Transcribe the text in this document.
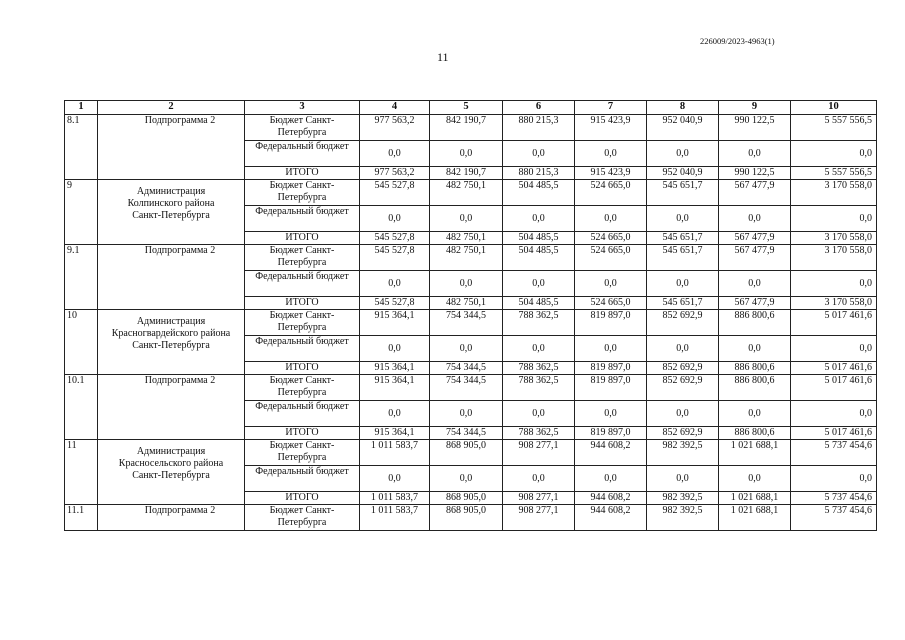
226009/2023-4963(1)
11
1	2	3	4	5	6	7	8	9	10
8.1	Подпрограмма 2	Бюджет Санкт-Петербурга	977 563,2	842 190,7	880 215,3	915 423,9	952 040,9	990 122,5	5 557 556,5
		Федеральный бюджет	0,0	0,0	0,0	0,0	0,0	0,0	0,0
		ИТОГО	977 563,2	842 190,7	880 215,3	915 423,9	952 040,9	990 122,5	5 557 556,5
9	Администрация
Колпинского района
Санкт-Петербурга	Бюджет Санкт-Петербурга	545 527,8	482 750,1	504 485,5	524 665,0	545 651,7	567 477,9	3 170 558,0
		Федеральный бюджет	0,0	0,0	0,0	0,0	0,0	0,0	0,0
		ИТОГО	545 527,8	482 750,1	504 485,5	524 665,0	545 651,7	567 477,9	3 170 558,0
9.1	Подпрограмма 2	Бюджет Санкт-Петербурга	545 527,8	482 750,1	504 485,5	524 665,0	545 651,7	567 477,9	3 170 558,0
		Федеральный бюджет	0,0	0,0	0,0	0,0	0,0	0,0	0,0
		ИТОГО	545 527,8	482 750,1	504 485,5	524 665,0	545 651,7	567 477,9	3 170 558,0
10	Администрация
Красногвардейского района
Санкт-Петербурга	Бюджет Санкт-Петербурга	915 364,1	754 344,5	788 362,5	819 897,0	852 692,9	886 800,6	5 017 461,6
		Федеральный бюджет	0,0	0,0	0,0	0,0	0,0	0,0	0,0
		ИТОГО	915 364,1	754 344,5	788 362,5	819 897,0	852 692,9	886 800,6	5 017 461,6
10.1	Подпрограмма 2	Бюджет Санкт-Петербурга	915 364,1	754 344,5	788 362,5	819 897,0	852 692,9	886 800,6	5 017 461,6
		Федеральный бюджет	0,0	0,0	0,0	0,0	0,0	0,0	0,0
		ИТОГО	915 364,1	754 344,5	788 362,5	819 897,0	852 692,9	886 800,6	5 017 461,6
11	Администрация
Красносельского района
Санкт-Петербурга	Бюджет Санкт-Петербурга	1 011 583,7	868 905,0	908 277,1	944 608,2	982 392,5	1 021 688,1	5 737 454,6
		Федеральный бюджет	0,0	0,0	0,0	0,0	0,0	0,0	0,0
		ИТОГО	1 011 583,7	868 905,0	908 277,1	944 608,2	982 392,5	1 021 688,1	5 737 454,6
11.1	Подпрограмма 2	Бюджет Санкт-Петербурга	1 011 583,7	868 905,0	908 277,1	944 608,2	982 392,5	1 021 688,1	5 737 454,6
